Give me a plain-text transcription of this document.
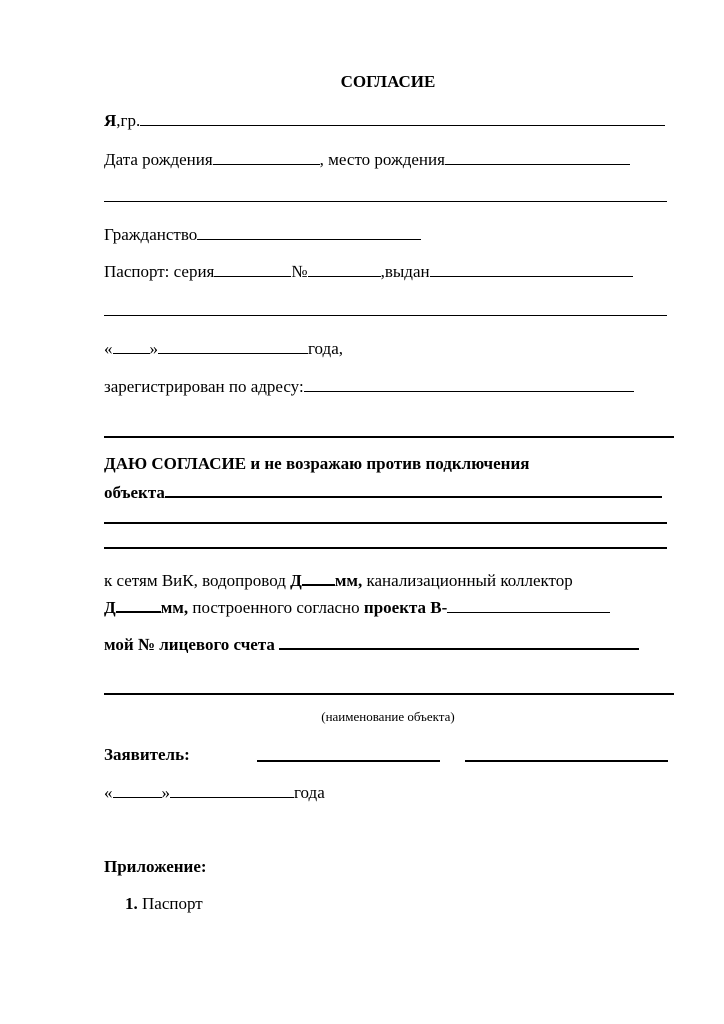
СОГЛАСИЕ
Я,гр.
Дата рождения	, место рождения
Гражданство
Паспорт: серия	№	,выдан
« »	года,
зарегистрирован по адресу:
ДАЮ СОГЛАСИЕ и не возражаю против подключения
объекта
к сетям ВиК, водопровод Д мм, канализационный коллектор
Д	мм, построенного согласно проекта В-
мой № лицевого счета
(наименование объекта)
Заявитель:
«	»	года
Приложение:
1. Паспорт
